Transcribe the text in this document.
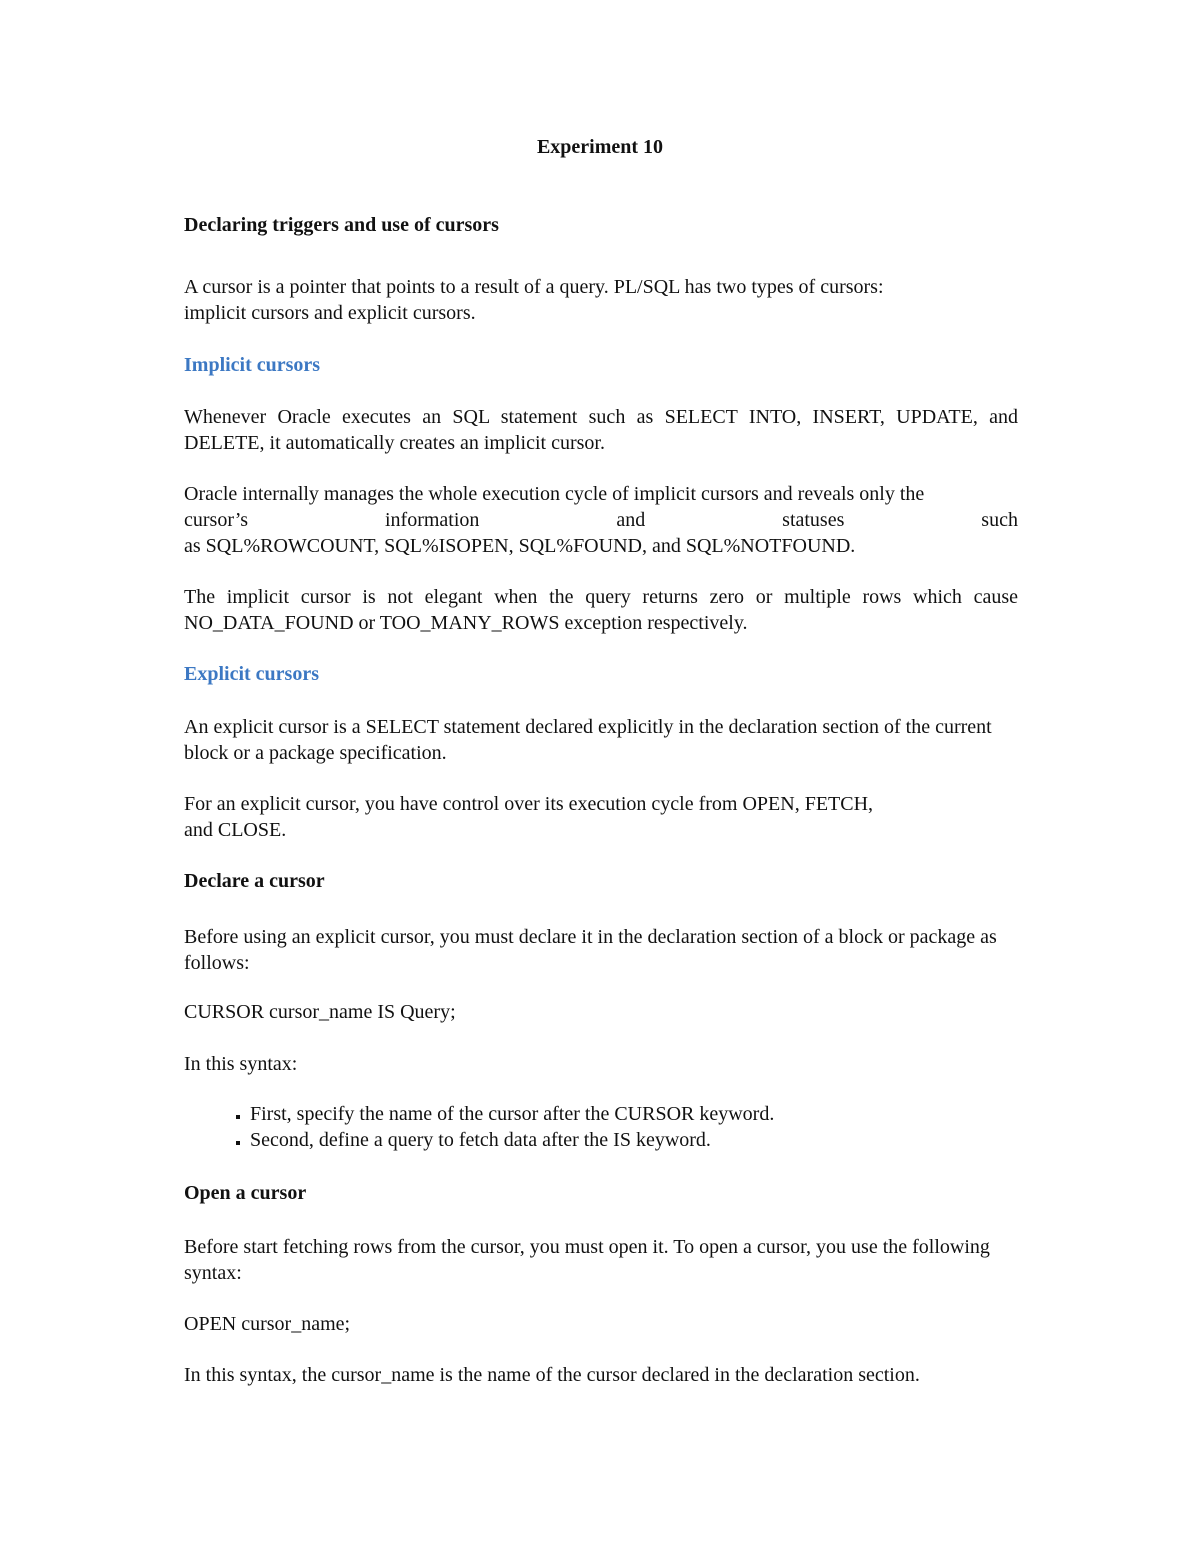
Experiment 10

Declaring triggers and use of cursors

A cursor is a pointer that points to a result of a query. PL/SQL has two types of cursors:
implicit cursors and explicit cursors.

Implicit cursors

Whenever Oracle executes an SQL statement such as SELECT INTO, INSERT, UPDATE, and DELETE, it automatically creates an implicit cursor.

Oracle internally manages the whole execution cycle of implicit cursors and reveals only the
cursor’s	information	and	statuses	such
as SQL%ROWCOUNT, SQL%ISOPEN, SQL%FOUND, and SQL%NOTFOUND.

The implicit cursor is not elegant when the query returns zero or multiple rows which cause NO_DATA_FOUND or TOO_MANY_ROWS exception respectively.

Explicit cursors

An explicit cursor is a SELECT statement declared explicitly in the declaration section of the current block or a package specification.

For an explicit cursor, you have control over its execution cycle from OPEN, FETCH,
and CLOSE.

Declare a cursor

Before using an explicit cursor, you must declare it in the declaration section of a block or package as follows:

CURSOR cursor_name IS Query;

In this syntax:

▪ First, specify the name of the cursor after the CURSOR keyword.
▪ Second, define a query to fetch data after the IS keyword.

Open a cursor

Before start fetching rows from the cursor, you must open it. To open a cursor, you use the following syntax:

OPEN cursor_name;

In this syntax, the cursor_name is the name of the cursor declared in the declaration section.
